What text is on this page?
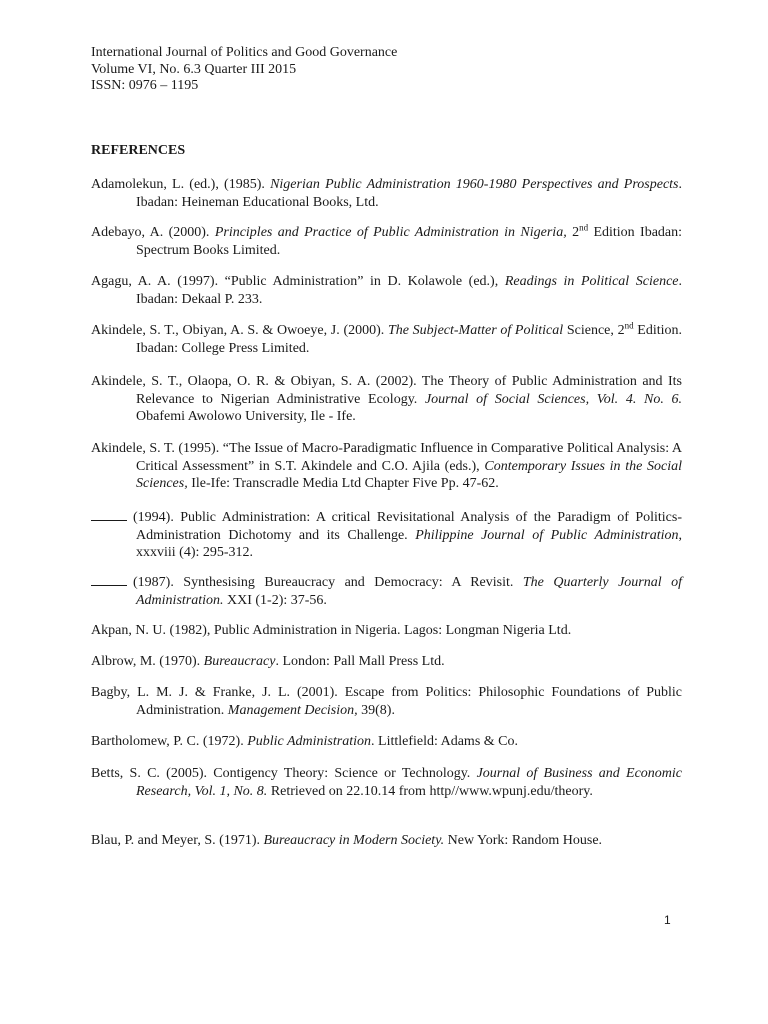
International Journal of Politics and Good Governance
Volume VI, No. 6.3 Quarter III 2015
ISSN: 0976 – 1195
REFERENCES

Adamolekun, L. (ed.), (1985). Nigerian Public Administration 1960-1980 Perspectives and Prospects. Ibadan: Heineman Educational Books, Ltd.

Adebayo, A. (2000). Principles and Practice of Public Administration in Nigeria, 2nd Edition Ibadan: Spectrum Books Limited.

Agagu, A. A. (1997). “Public Administration” in D. Kolawole (ed.), Readings in Political Science. Ibadan: Dekaal P. 233.

Akindele, S. T., Obiyan, A. S. & Owoeye, J. (2000). The Subject-Matter of Political Science, 2nd Edition. Ibadan: College Press Limited.

Akindele, S. T., Olaopa, O. R. & Obiyan, S. A. (2002). The Theory of Public Administration and Its Relevance to Nigerian Administrative Ecology. Journal of Social Sciences, Vol. 4. No. 6. Obafemi Awolowo University, Ile - Ife.

Akindele, S. T. (1995). “The Issue of Macro-Paradigmatic Influence in Comparative Political Analysis: A Critical Assessment” in S.T. Akindele and C.O. Ajila (eds.), Contemporary Issues in the Social Sciences, Ile-Ife: Transcradle Media Ltd Chapter Five Pp. 47-62.

(1994). Public Administration: A critical Revisitational Analysis of the Paradigm of Politics-Administration Dichotomy and its Challenge. Philippine Journal of Public Administration, xxxviii (4): 295-312.

(1987). Synthesising Bureaucracy and Democracy: A Revisit. The Quarterly Journal of Administration. XXI (1-2): 37-56.

Akpan, N. U. (1982), Public Administration in Nigeria. Lagos: Longman Nigeria Ltd.

Albrow, M. (1970). Bureaucracy. London: Pall Mall Press Ltd.

Bagby, L. M. J. & Franke, J. L. (2001). Escape from Politics: Philosophic Foundations of Public Administration. Management Decision, 39(8).

Bartholomew, P. C. (1972). Public Administration. Littlefield: Adams & Co.

Betts, S. C. (2005). Contigency Theory: Science or Technology. Journal of Business and Economic Research, Vol. 1, No. 8. Retrieved on 22.10.14 from http//www.wpunj.edu/theory.

Blau, P. and Meyer, S. (1971). Bureaucracy in Modern Society. New York: Random House.

1
